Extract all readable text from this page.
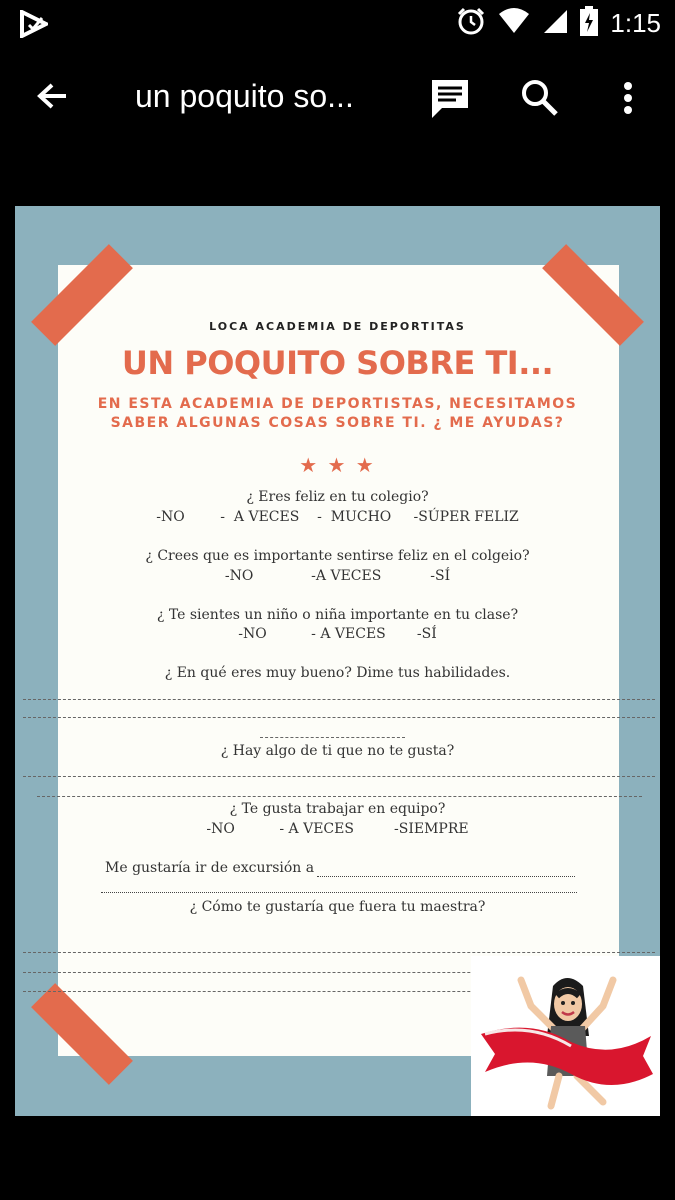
1:15
un poquito so...
LOCA ACADEMIA DE DEPORTITAS
UN POQUITO SOBRE TI...
EN ESTA ACADEMIA DE DEPORTISTAS, NECESITAMOS
SABER ALGUNAS COSAS SOBRE TI. ¿ ME AYUDAS?
★ ★ ★
¿ Eres feliz en tu colegio?
-NO        -  A VECES    -  MUCHO     -SÚPER FELIZ
¿ Crees que es importante sentirse feliz en el colgeio?
-NO             -A VECES           -SÍ
¿ Te sientes un niño o niña importante en tu clase?
-NO          - A VECES       -SÍ
¿ En qué eres muy bueno? Dime tus habilidades.
¿ Hay algo de ti que no te gusta?
¿ Te gusta trabajar en equipo?
-NO          - A VECES         -SIEMPRE
Me gustaría ir de excursión a
¿ Cómo te gustaría que fuera tu maestra?
